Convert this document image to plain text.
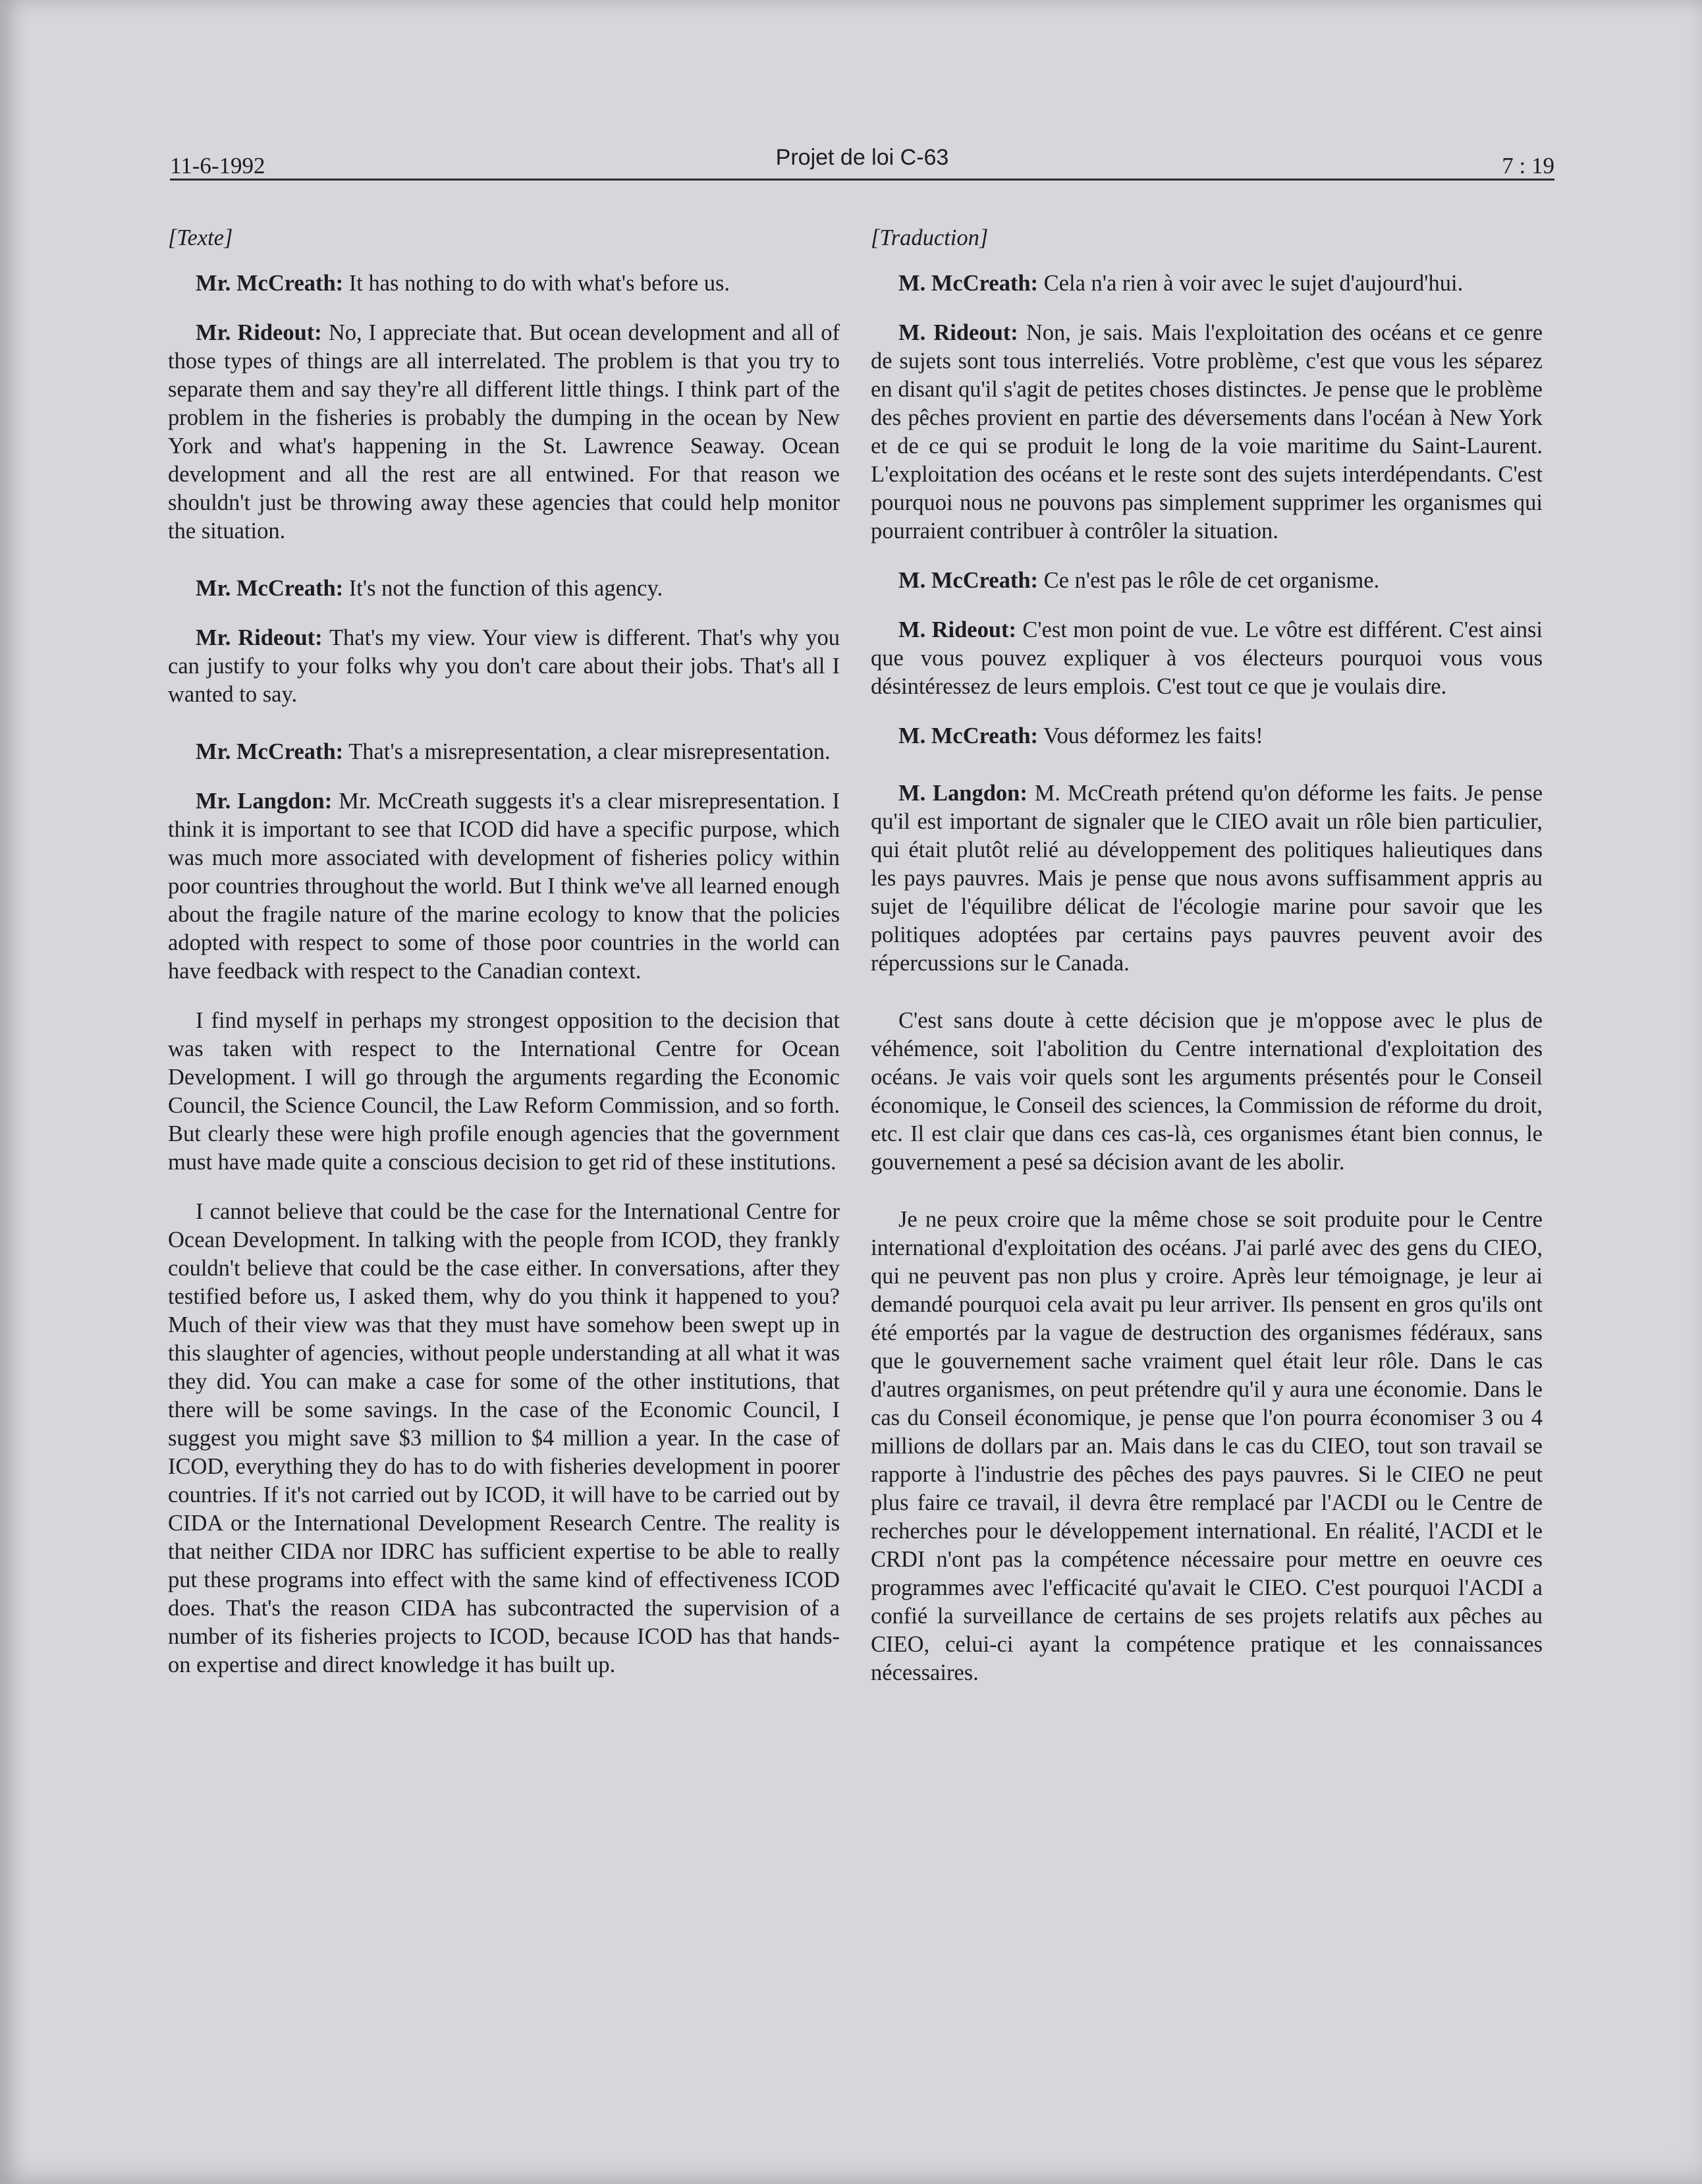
11-6-1992	Projet de loi C-63	7 : 19

[Texte]

Mr. McCreath: It has nothing to do with what's before us.

Mr. Rideout: No, I appreciate that. But ocean development and all of those types of things are all interrelated. The problem is that you try to separate them and say they're all different little things. I think part of the problem in the fisheries is probably the dumping in the ocean by New York and what's happening in the St. Lawrence Seaway. Ocean development and all the rest are all entwined. For that reason we shouldn't just be throwing away these agencies that could help monitor the situation.

Mr. McCreath: It's not the function of this agency.

Mr. Rideout: That's my view. Your view is different. That's why you can justify to your folks why you don't care about their jobs. That's all I wanted to say.

Mr. McCreath: That's a misrepresentation, a clear misrepresentation.

Mr. Langdon: Mr. McCreath suggests it's a clear misrepresentation. I think it is important to see that ICOD did have a specific purpose, which was much more associated with development of fisheries policy within poor countries throughout the world. But I think we've all learned enough about the fragile nature of the marine ecology to know that the policies adopted with respect to some of those poor countries in the world can have feedback with respect to the Canadian context.

I find myself in perhaps my strongest opposition to the decision that was taken with respect to the International Centre for Ocean Development. I will go through the arguments regarding the Economic Council, the Science Council, the Law Reform Commission, and so forth. But clearly these were high profile enough agencies that the government must have made quite a conscious decision to get rid of these institutions.

I cannot believe that could be the case for the International Centre for Ocean Development. In talking with the people from ICOD, they frankly couldn't believe that could be the case either. In conversations, after they testified before us, I asked them, why do you think it happened to you? Much of their view was that they must have somehow been swept up in this slaughter of agencies, without people understanding at all what it was they did. You can make a case for some of the other institutions, that there will be some savings. In the case of the Economic Council, I suggest you might save $3 million to $4 million a year. In the case of ICOD, everything they do has to do with fisheries development in poorer countries. If it's not carried out by ICOD, it will have to be carried out by CIDA or the International Development Research Centre. The reality is that neither CIDA nor IDRC has sufficient expertise to be able to really put these programs into effect with the same kind of effectiveness ICOD does. That's the reason CIDA has subcontracted the supervision of a number of its fisheries projects to ICOD, because ICOD has that hands-on expertise and direct knowledge it has built up.

[Traduction]

M. McCreath: Cela n'a rien à voir avec le sujet d'aujourd'hui.

M. Rideout: Non, je sais. Mais l'exploitation des océans et ce genre de sujets sont tous interreliés. Votre problème, c'est que vous les séparez en disant qu'il s'agit de petites choses distinctes. Je pense que le problème des pêches provient en partie des déversements dans l'océan à New York et de ce qui se produit le long de la voie maritime du Saint-Laurent. L'exploitation des océans et le reste sont des sujets interdépendants. C'est pourquoi nous ne pouvons pas simplement supprimer les organismes qui pourraient contribuer à contrôler la situation.

M. McCreath: Ce n'est pas le rôle de cet organisme.

M. Rideout: C'est mon point de vue. Le vôtre est différent. C'est ainsi que vous pouvez expliquer à vos électeurs pourquoi vous vous désintéressez de leurs emplois. C'est tout ce que je voulais dire.

M. McCreath: Vous déformez les faits!

M. Langdon: M. McCreath prétend qu'on déforme les faits. Je pense qu'il est important de signaler que le CIEO avait un rôle bien particulier, qui était plutôt relié au développement des politiques halieutiques dans les pays pauvres. Mais je pense que nous avons suffisamment appris au sujet de l'équilibre délicat de l'écologie marine pour savoir que les politiques adoptées par certains pays pauvres peuvent avoir des répercussions sur le Canada.

C'est sans doute à cette décision que je m'oppose avec le plus de véhémence, soit l'abolition du Centre international d'exploitation des océans. Je vais voir quels sont les arguments présentés pour le Conseil économique, le Conseil des sciences, la Commission de réforme du droit, etc. Il est clair que dans ces cas-là, ces organismes étant bien connus, le gouvernement a pesé sa décision avant de les abolir.

Je ne peux croire que la même chose se soit produite pour le Centre international d'exploitation des océans. J'ai parlé avec des gens du CIEO, qui ne peuvent pas non plus y croire. Après leur témoignage, je leur ai demandé pourquoi cela avait pu leur arriver. Ils pensent en gros qu'ils ont été emportés par la vague de destruction des organismes fédéraux, sans que le gouvernement sache vraiment quel était leur rôle. Dans le cas d'autres organismes, on peut prétendre qu'il y aura une économie. Dans le cas du Conseil économique, je pense que l'on pourra économiser 3 ou 4 millions de dollars par an. Mais dans le cas du CIEO, tout son travail se rapporte à l'industrie des pêches des pays pauvres. Si le CIEO ne peut plus faire ce travail, il devra être remplacé par l'ACDI ou le Centre de recherches pour le développement international. En réalité, l'ACDI et le CRDI n'ont pas la compétence nécessaire pour mettre en oeuvre ces programmes avec l'efficacité qu'avait le CIEO. C'est pourquoi l'ACDI a confié la surveillance de certains de ses projets relatifs aux pêches au CIEO, celui-ci ayant la compétence pratique et les connaissances nécessaires.
